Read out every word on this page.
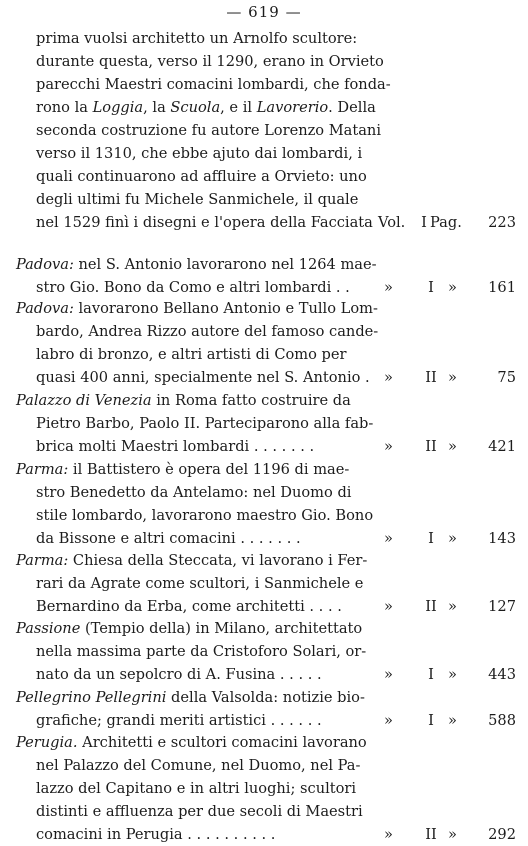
— 619 —
prima vuolsi architetto un Arnolfo scultore:
durante questa, verso il 1290, erano in Orvieto
parecchi Maestri comacini lombardi, che fonda-
rono la Loggia, la Scuola, e il Lavorerio. Della
seconda costruzione fu autore Lorenzo Matani
verso il 1310, che ebbe ajuto dai lombardi, i
quali continuarono ad affluire a Orvieto: uno
degli ultimi fu Michele Sanmichele, il quale
nel 1529 finì i disegni e l'opera della Facciata Vol.	I Pag. 223
Padova: nel S. Antonio lavorarono nel 1264 mae-
stro Gio. Bono da Como e altri lombardi . . »	I » 161
Padova: lavorarono Bellano Antonio e Tullo Lom-
bardo, Andrea Rizzo autore del famoso cande-
labro di bronzo, e altri artisti di Como per
quasi 400 anni, specialmente nel S. Antonio . » II »	75
Palazzo di Venezia in Roma fatto costruire da
Pietro Barbo, Paolo II. Parteciparono alla fab-
brica molti Maestri lombardi . . . . . . .	» II » 421
Parma: il Battistero è opera del 1196 di mae-
stro Benedetto da Antelamo: nel Duomo di
stile lombardo, lavorarono maestro Gio. Bono
da Bissone e altri comacini . . . . . . .	»	I » 143
Parma: Chiesa della Steccata, vi lavorano i Fer-
rari da Agrate come scultori, i Sanmichele e
Bernardino da Erba, come architetti . . . .	» II » 127
Passione (Tempio della) in Milano, architettato
nella massima parte da Cristoforo Solari, or-
nato da un sepolcro di A. Fusina . . . . .	»	I » 443
Pellegrino Pellegrini della Valsolda: notizie bio-
grafiche; grandi meriti artistici . . . . . .	»	I » 588
Perugia. Architetti e scultori comacini lavorano
nel Palazzo del Comune, nel Duomo, nel Pa-
lazzo del Capitano e in altri luoghi; scultori
distinti e affluenza per due secoli di Maestri
comacini in Perugia . . . . . . . . . .	» II » 292
